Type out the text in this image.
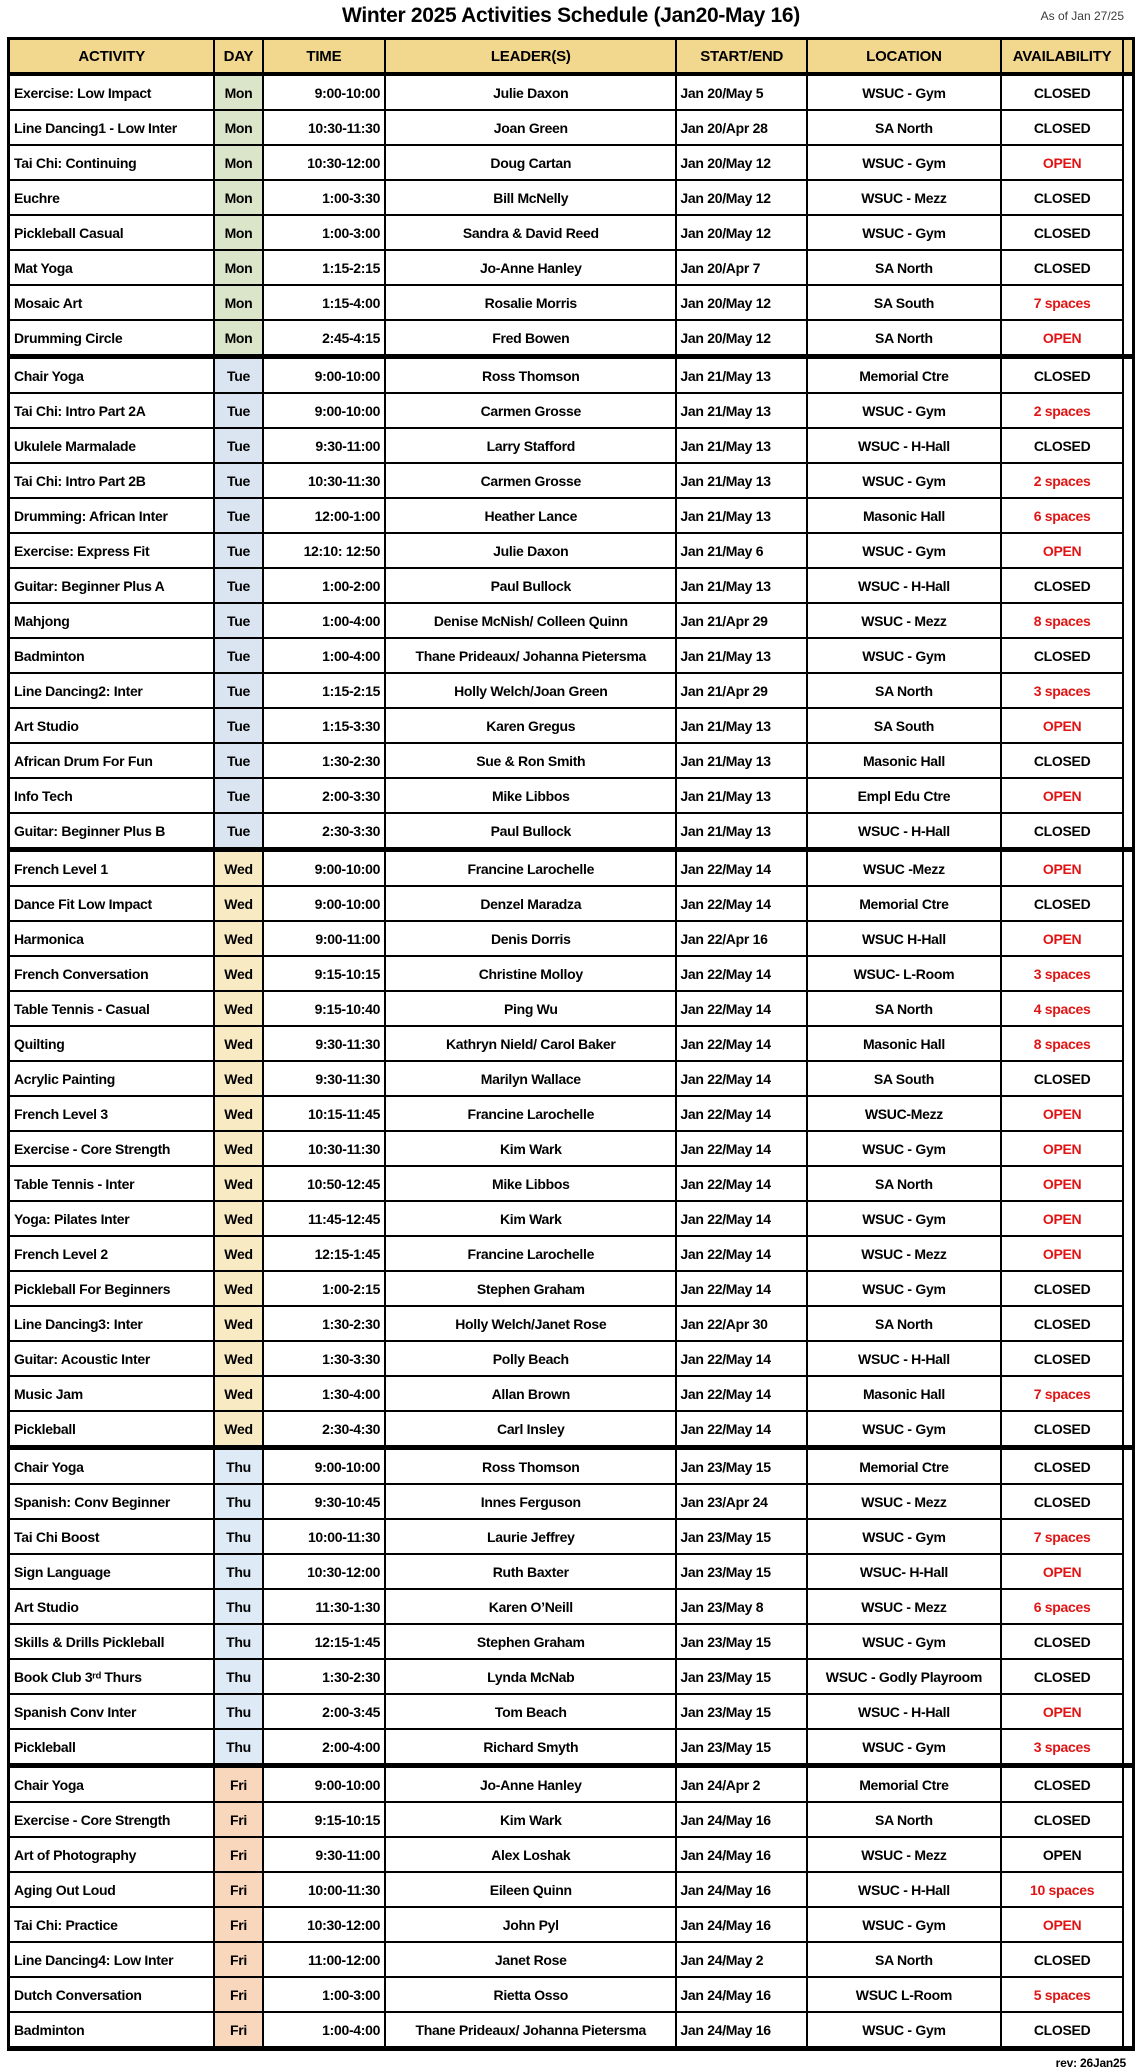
Winter 2025 Activities Schedule (Jan20-May 16)	As of Jan 27/25
ACTIVITY	DAY	TIME	LEADER(S)	START/END	LOCATION	AVAILABILITY	
Exercise: Low Impact	Mon	9:00-10:00	Julie Daxon	Jan 20/May 5	WSUC - Gym	CLOSED	
Line Dancing1 - Low Inter	Mon	10:30-11:30	Joan Green	Jan 20/Apr 28	SA North	CLOSED	
Tai Chi: Continuing	Mon	10:30-12:00	Doug Cartan	Jan 20/May 12	WSUC - Gym	OPEN	
Euchre	Mon	1:00-3:30	Bill McNelly	Jan 20/May 12	WSUC - Mezz	CLOSED	
Pickleball Casual	Mon	1:00-3:00	Sandra & David Reed	Jan 20/May 12	WSUC - Gym	CLOSED	
Mat Yoga	Mon	1:15-2:15	Jo-Anne Hanley	Jan 20/Apr 7	SA North	CLOSED	
Mosaic Art	Mon	1:15-4:00	Rosalie Morris	Jan 20/May 12	SA South	7 spaces	
Drumming Circle	Mon	2:45-4:15	Fred Bowen	Jan 20/May 12	SA North	OPEN	
Chair Yoga	Tue	9:00-10:00	Ross Thomson	Jan 21/May 13	Memorial Ctre	CLOSED	
Tai Chi: Intro Part 2A	Tue	9:00-10:00	Carmen Grosse	Jan 21/May 13	WSUC - Gym	2 spaces	
Ukulele Marmalade	Tue	9:30-11:00	Larry Stafford	Jan 21/May 13	WSUC - H-Hall	CLOSED	
Tai Chi: Intro Part 2B	Tue	10:30-11:30	Carmen Grosse	Jan 21/May 13	WSUC - Gym	2 spaces	
Drumming: African Inter	Tue	12:00-1:00	Heather Lance	Jan 21/May 13	Masonic Hall	6 spaces	
Exercise: Express Fit	Tue	12:10: 12:50	Julie Daxon	Jan 21/May 6	WSUC - Gym	OPEN	
Guitar: Beginner Plus A	Tue	1:00-2:00	Paul Bullock	Jan 21/May 13	WSUC - H-Hall	CLOSED	
Mahjong	Tue	1:00-4:00	Denise McNish/ Colleen Quinn	Jan 21/Apr 29	WSUC - Mezz	8 spaces	
Badminton	Tue	1:00-4:00	Thane Prideaux/ Johanna Pietersma	Jan 21/May 13	WSUC - Gym	CLOSED	
Line Dancing2: Inter	Tue	1:15-2:15	Holly Welch/Joan Green	Jan 21/Apr 29	SA North	3 spaces	
Art Studio	Tue	1:15-3:30	Karen Gregus	Jan 21/May 13	SA South	OPEN	
African Drum For Fun	Tue	1:30-2:30	Sue & Ron Smith	Jan 21/May 13	Masonic Hall	CLOSED	
Info Tech	Tue	2:00-3:30	Mike Libbos	Jan 21/May 13	Empl Edu Ctre	OPEN	
Guitar: Beginner Plus B	Tue	2:30-3:30	Paul Bullock	Jan 21/May 13	WSUC - H-Hall	CLOSED	
French Level 1	Wed	9:00-10:00	Francine Larochelle	Jan 22/May 14	WSUC -Mezz	OPEN	
Dance Fit Low Impact	Wed	9:00-10:00	Denzel Maradza	Jan 22/May 14	Memorial Ctre	CLOSED	
Harmonica	Wed	9:00-11:00	Denis Dorris	Jan 22/Apr 16	WSUC H-Hall	OPEN	
French Conversation	Wed	9:15-10:15	Christine Molloy	Jan 22/May 14	WSUC- L-Room	3 spaces	
Table Tennis - Casual	Wed	9:15-10:40	Ping Wu	Jan 22/May 14	SA North	4 spaces	
Quilting	Wed	9:30-11:30	Kathryn Nield/ Carol Baker	Jan 22/May 14	Masonic Hall	8 spaces	
Acrylic Painting	Wed	9:30-11:30	Marilyn Wallace	Jan 22/May 14	SA South	CLOSED	
French Level 3	Wed	10:15-11:45	Francine Larochelle	Jan 22/May 14	WSUC-Mezz	OPEN	
Exercise - Core Strength	Wed	10:30-11:30	Kim Wark	Jan 22/May 14	WSUC - Gym	OPEN	
Table Tennis - Inter	Wed	10:50-12:45	Mike Libbos	Jan 22/May 14	SA North	OPEN	
Yoga: Pilates Inter	Wed	11:45-12:45	Kim Wark	Jan 22/May 14	WSUC - Gym	OPEN	
French Level 2	Wed	12:15-1:45	Francine Larochelle	Jan 22/May 14	WSUC - Mezz	OPEN	
Pickleball For Beginners	Wed	1:00-2:15	Stephen Graham	Jan 22/May 14	WSUC - Gym	CLOSED	
Line Dancing3: Inter	Wed	1:30-2:30	Holly Welch/Janet Rose	Jan 22/Apr 30	SA North	CLOSED	
Guitar: Acoustic Inter	Wed	1:30-3:30	Polly Beach	Jan 22/May 14	WSUC - H-Hall	CLOSED	
Music Jam	Wed	1:30-4:00	Allan Brown	Jan 22/May 14	Masonic Hall	7 spaces	
Pickleball	Wed	2:30-4:30	Carl Insley	Jan 22/May 14	WSUC - Gym	CLOSED	
Chair Yoga	Thu	9:00-10:00	Ross Thomson	Jan 23/May 15	Memorial Ctre	CLOSED	
Spanish: Conv Beginner	Thu	9:30-10:45	Innes Ferguson	Jan 23/Apr 24	WSUC - Mezz	CLOSED	
Tai Chi Boost	Thu	10:00-11:30	Laurie Jeffrey	Jan 23/May 15	WSUC - Gym	7 spaces	
Sign Language	Thu	10:30-12:00	Ruth Baxter	Jan 23/May 15	WSUC- H-Hall	OPEN	
Art Studio	Thu	11:30-1:30	Karen O’Neill	Jan 23/May 8	WSUC - Mezz	6 spaces	
Skills & Drills Pickleball	Thu	12:15-1:45	Stephen Graham	Jan 23/May 15	WSUC - Gym	CLOSED	
Book Club 3ʳᵈ Thurs	Thu	1:30-2:30	Lynda McNab	Jan 23/May 15	WSUC - Godly Playroom	CLOSED	
Spanish Conv Inter	Thu	2:00-3:45	Tom Beach	Jan 23/May 15	WSUC - H-Hall	OPEN	
Pickleball	Thu	2:00-4:00	Richard Smyth	Jan 23/May 15	WSUC - Gym	3 spaces	
Chair Yoga	Fri	9:00-10:00	Jo-Anne Hanley	Jan 24/Apr 2	Memorial Ctre	CLOSED	
Exercise - Core Strength	Fri	9:15-10:15	Kim Wark	Jan 24/May 16	SA North	CLOSED	
Art of Photography	Fri	9:30-11:00	Alex Loshak	Jan 24/May 16	WSUC - Mezz	OPEN	
Aging Out Loud	Fri	10:00-11:30	Eileen Quinn	Jan 24/May 16	WSUC - H-Hall	10 spaces	
Tai Chi: Practice	Fri	10:30-12:00	John Pyl	Jan 24/May 16	WSUC - Gym	OPEN	
Line Dancing4: Low Inter	Fri	11:00-12:00	Janet Rose	Jan 24/May 2	SA North	CLOSED	
Dutch Conversation	Fri	1:00-3:00	Rietta Osso	Jan 24/May 16	WSUC L-Room	5 spaces	
Badminton	Fri	1:00-4:00	Thane Prideaux/ Johanna Pietersma	Jan 24/May 16	WSUC - Gym	CLOSED	
rev: 26Jan25
